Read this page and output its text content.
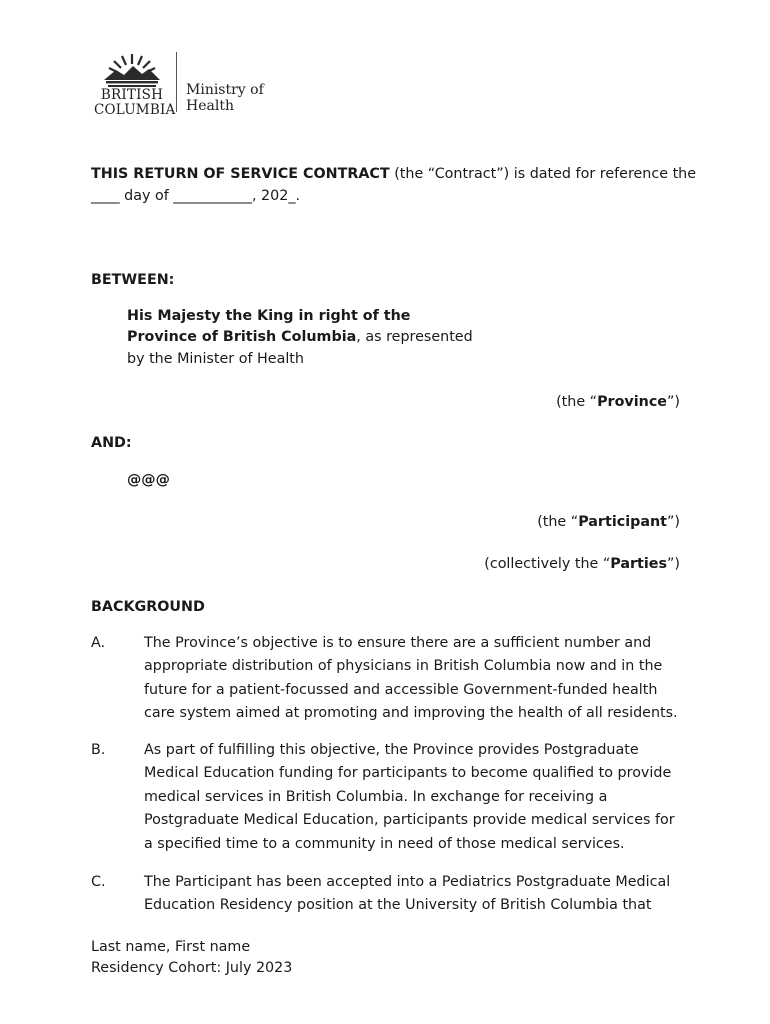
BRITISH
COLUMBIA
Ministry of
Health
THIS RETURN OF SERVICE CONTRACT (the “Contract”) is dated for reference the
____ day of ___________, 202_.
BETWEEN:
His Majesty the King in right of the
Province of British Columbia, as represented
by the Minister of Health
(the “Province”)
AND:
@@@
(the “Participant”)
(collectively the “Parties”)
BACKGROUND
A.	The Province’s objective is to ensure there are a sufficient number and
appropriate distribution of physicians in British Columbia now and in the
future for a patient-focussed and accessible Government-funded health
care system aimed at promoting and improving the health of all residents.
B.	As part of fulfilling this objective, the Province provides Postgraduate
Medical Education funding for participants to become qualified to provide
medical services in British Columbia. In exchange for receiving a
Postgraduate Medical Education, participants provide medical services for
a specified time to a community in need of those medical services.
C.	The Participant has been accepted into a Pediatrics Postgraduate Medical
Education Residency position at the University of British Columbia that
Last name, First name
Residency Cohort: July 2023
